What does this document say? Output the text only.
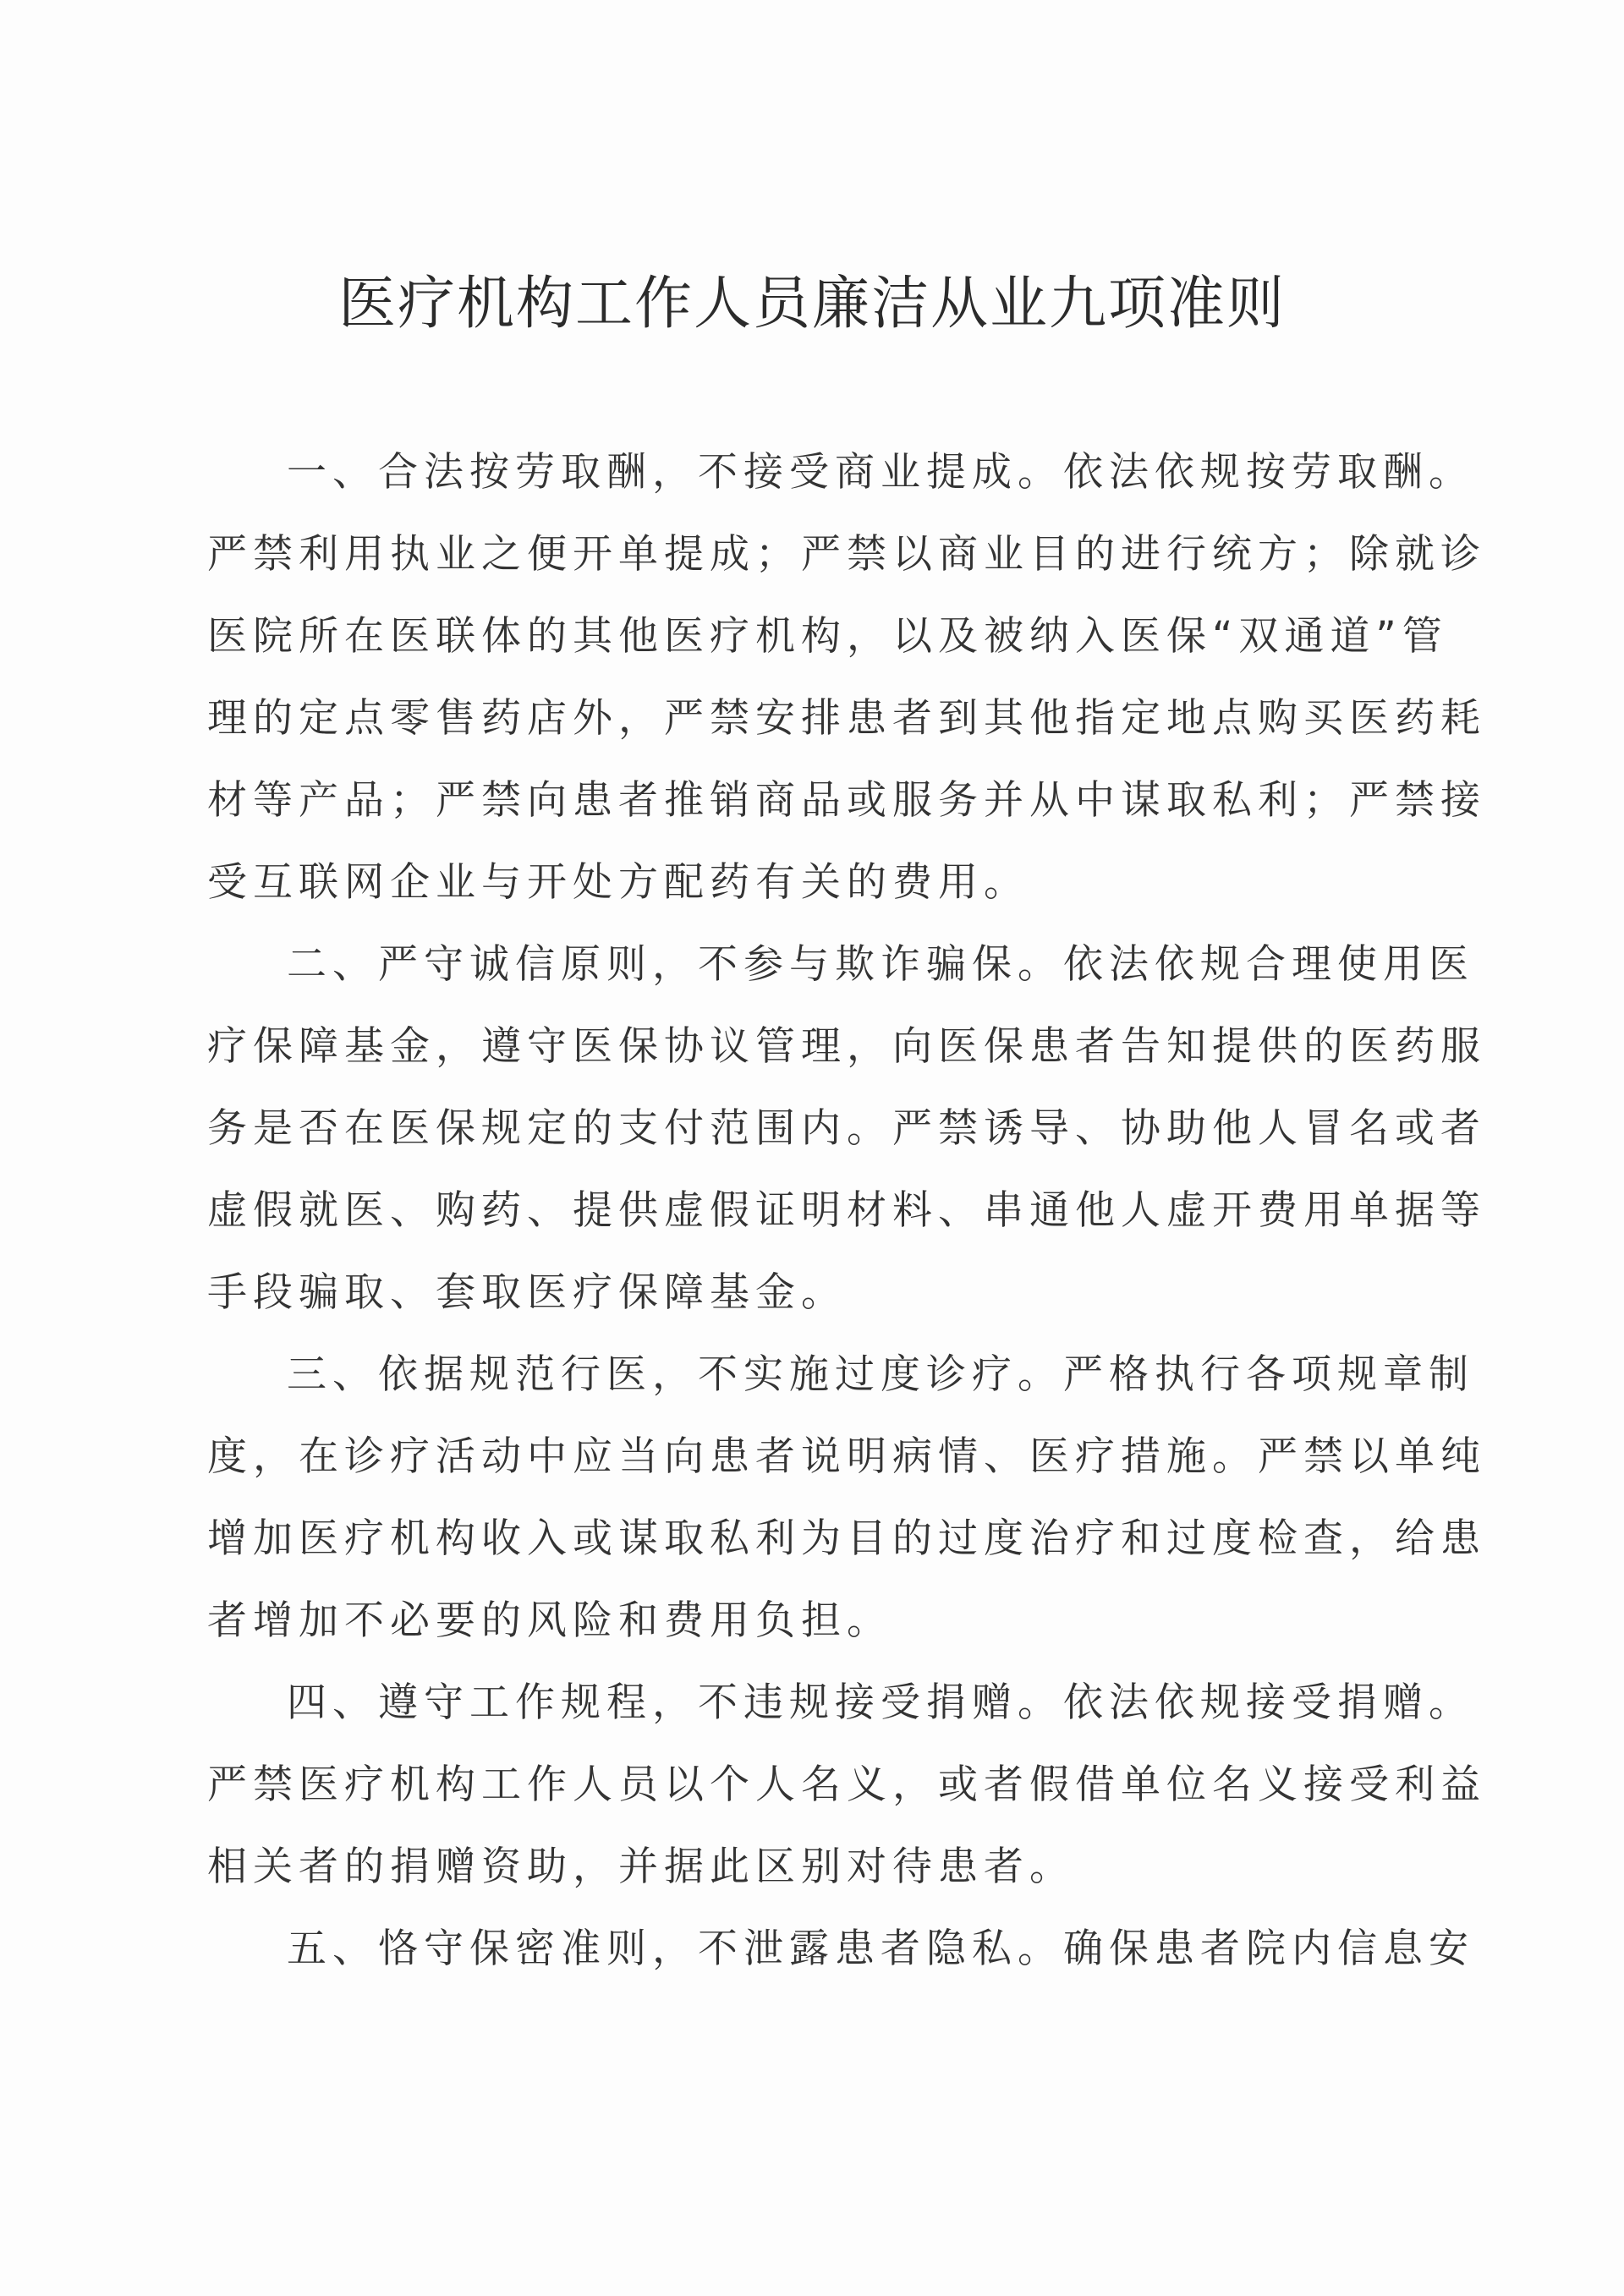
医疗机构工作人员廉洁从业九项准则

一、合法按劳取酬，不接受商业提成。依法依规按劳取酬。
严禁利用执业之便开单提成；严禁以商业目的进行统方；除就诊
医院所在医联体的其他医疗机构，以及被纳入医保“双通道”管
理的定点零售药店外，严禁安排患者到其他指定地点购买医药耗
材等产品；严禁向患者推销商品或服务并从中谋取私利；严禁接
受互联网企业与开处方配药有关的费用。

二、严守诚信原则，不参与欺诈骗保。依法依规合理使用医
疗保障基金，遵守医保协议管理，向医保患者告知提供的医药服
务是否在医保规定的支付范围内。严禁诱导、协助他人冒名或者
虚假就医、购药、提供虚假证明材料、串通他人虚开费用单据等
手段骗取、套取医疗保障基金。

三、依据规范行医，不实施过度诊疗。严格执行各项规章制
度，在诊疗活动中应当向患者说明病情、医疗措施。严禁以单纯
增加医疗机构收入或谋取私利为目的过度治疗和过度检查，给患
者增加不必要的风险和费用负担。

四、遵守工作规程，不违规接受捐赠。依法依规接受捐赠。
严禁医疗机构工作人员以个人名义，或者假借单位名义接受利益
相关者的捐赠资助，并据此区别对待患者。

五、恪守保密准则，不泄露患者隐私。确保患者院内信息安
